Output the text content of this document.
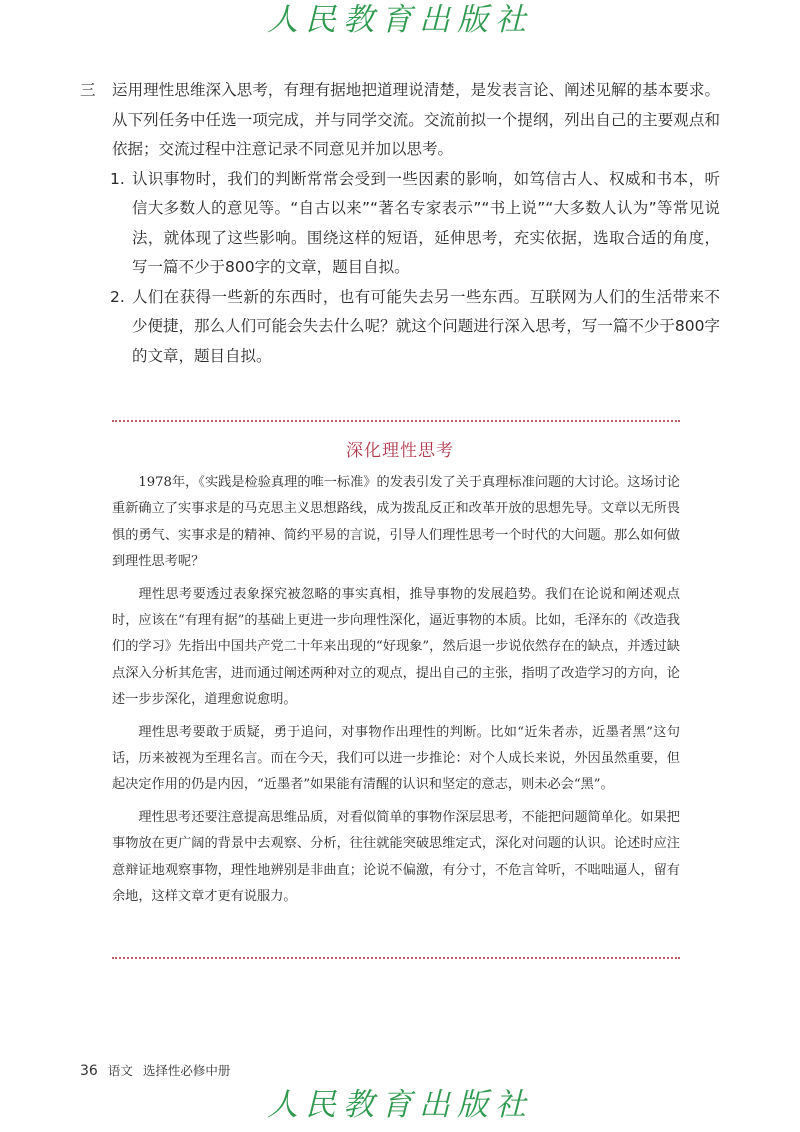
人民教育出版社
三	运用理性思维深入思考，有理有据地把道理说清楚，是发表言论、阐述见解的基本要求。从下列任务中任选一项完成，并与同学交流。交流前拟一个提纲，列出自己的主要观点和依据；交流过程中注意记录不同意见并加以思考。
1. 认识事物时，我们的判断常常会受到一些因素的影响，如笃信古人、权威和书本，听信大多数人的意见等。“自古以来”“著名专家表示”“书上说”“大多数人认为”等常见说法，就体现了这些影响。围绕这样的短语，延伸思考，充实依据，选取合适的角度，写一篇不少于800字的文章，题目自拟。
2. 人们在获得一些新的东西时，也有可能失去另一些东西。互联网为人们的生活带来不少便捷，那么人们可能会失去什么呢？就这个问题进行深入思考，写一篇不少于800字的文章，题目自拟。
深化理性思考

1978年，《实践是检验真理的唯一标准》的发表引发了关于真理标准问题的大讨论。这场讨论重新确立了实事求是的马克思主义思想路线，成为拨乱反正和改革开放的思想先导。文章以无所畏惧的勇气、实事求是的精神、简约平易的言说，引导人们理性思考一个时代的大问题。那么如何做到理性思考呢？

理性思考要透过表象探究被忽略的事实真相，推导事物的发展趋势。我们在论说和阐述观点时，应该在“有理有据”的基础上更进一步向理性深化，逼近事物的本质。比如，毛泽东的《改造我们的学习》先指出中国共产党二十年来出现的“好现象”，然后退一步说依然存在的缺点，并透过缺点深入分析其危害，进而通过阐述两种对立的观点，提出自己的主张，指明了改造学习的方向，论述一步步深化，道理愈说愈明。

理性思考要敢于质疑，勇于追问，对事物作出理性的判断。比如“近朱者赤，近墨者黑”这句话，历来被视为至理名言。而在今天，我们可以进一步推论：对个人成长来说，外因虽然重要，但起决定作用的仍是内因，“近墨者”如果能有清醒的认识和坚定的意志，则未必会“黑”。

理性思考还要注意提高思维品质，对看似简单的事物作深层思考，不能把问题简单化。如果把事物放在更广阔的背景中去观察、分析，往往就能突破思维定式，深化对问题的认识。论述时应注意辩证地观察事物，理性地辨别是非曲直；论说不偏激，有分寸，不危言耸听，不咄咄逼人，留有余地，这样文章才更有说服力。

36 语文 选择性必修中册
人民教育出版社
